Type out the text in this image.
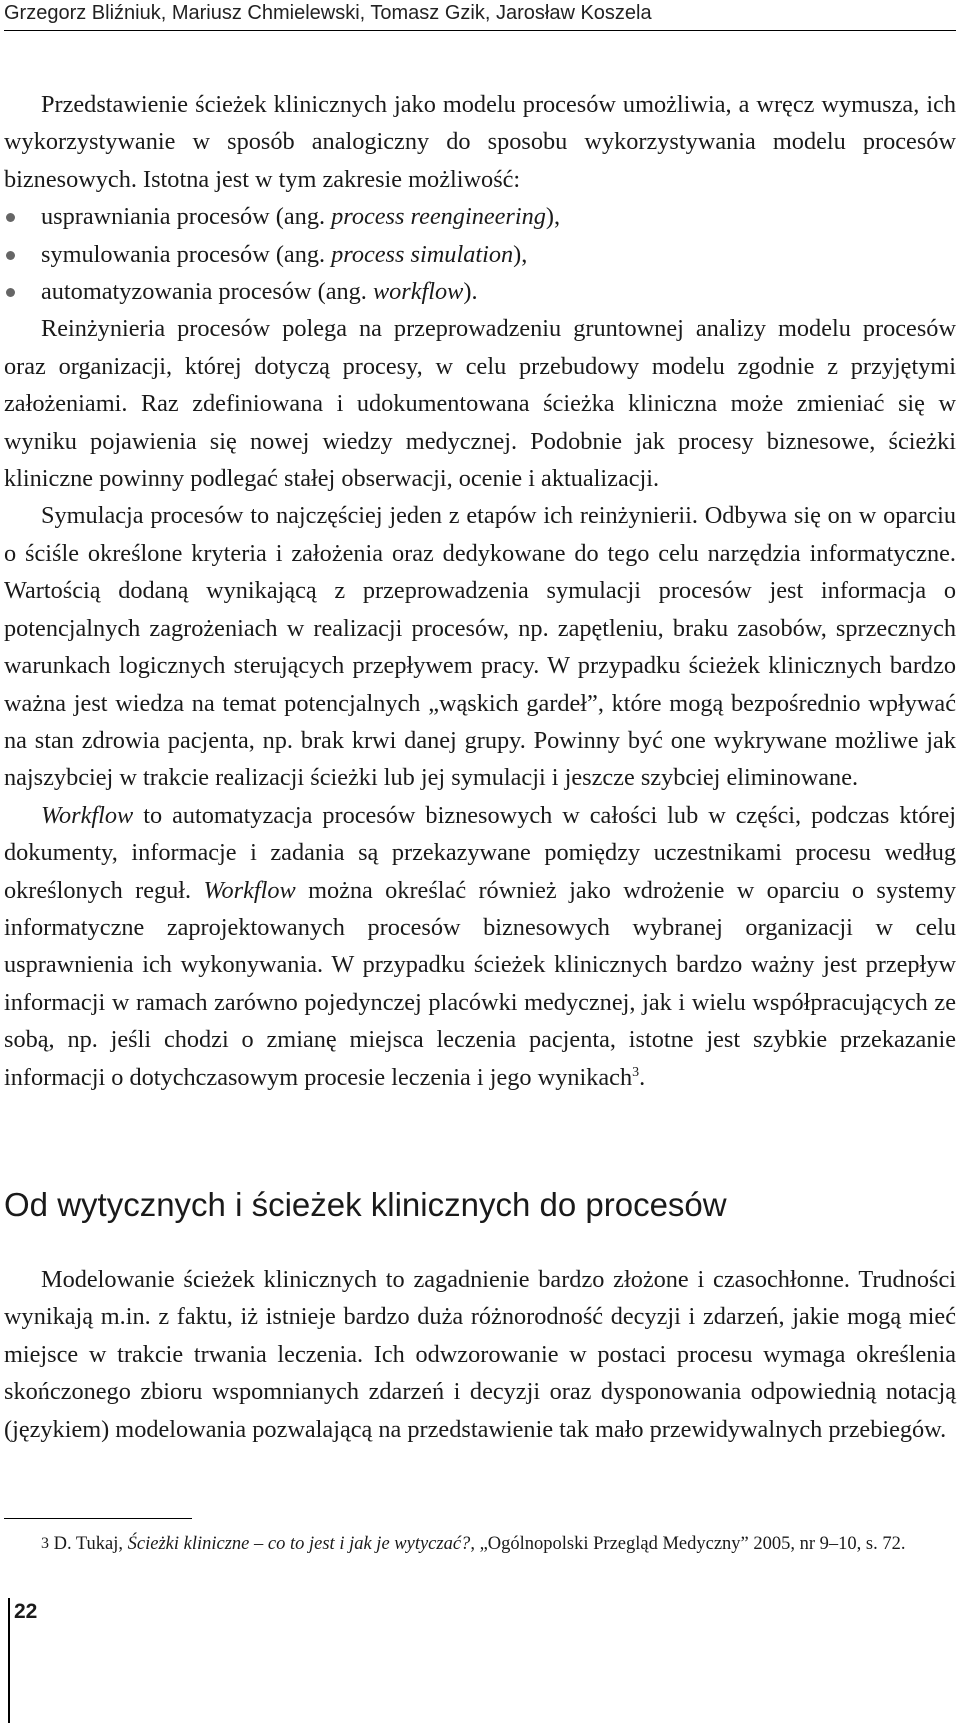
Grzegorz Bliźniuk, Mariusz Chmielewski, Tomasz Gzik, Jarosław Koszela

Przedstawienie ścieżek klinicznych jako modelu procesów umożliwia, a wręcz wymusza, ich wykorzystywanie w sposób analogiczny do sposobu wykorzystywania modelu procesów biznesowych. Istotna jest w tym zakresie możliwość:

usprawniania procesów (ang. process reengineering),
symulowania procesów (ang. process simulation),
automatyzowania procesów (ang. workflow).

Reinżynieria procesów polega na przeprowadzeniu gruntownej analizy modelu procesów oraz organizacji, której dotyczą procesy, w celu przebudowy modelu zgodnie z przyjętymi założeniami. Raz zdefiniowana i udokumentowana ścieżka kliniczna może zmieniać się w wyniku pojawienia się nowej wiedzy medycznej. Podobnie jak procesy biznesowe, ścieżki kliniczne powinny podlegać stałej obserwacji, ocenie i aktualizacji.

Symulacja procesów to najczęściej jeden z etapów ich reinżynierii. Odbywa się on w oparciu o ściśle określone kryteria i założenia oraz dedykowane do tego celu narzędzia informatyczne. Wartością dodaną wynikającą z przeprowadzenia symulacji procesów jest informacja o potencjalnych zagrożeniach w realizacji procesów, np. zapętleniu, braku zasobów, sprzecznych warunkach logicznych sterujących przepływem pracy. W przypadku ścieżek klinicznych bardzo ważna jest wiedza na temat potencjalnych „wąskich gardeł”, które mogą bezpośrednio wpływać na stan zdrowia pacjenta, np. brak krwi danej grupy. Powinny być one wykrywane możliwe jak najszybciej w trakcie realizacji ścieżki lub jej symulacji i jeszcze szybciej eliminowane.

Workflow to automatyzacja procesów biznesowych w całości lub w części, podczas której dokumenty, informacje i zadania są przekazywane pomiędzy uczestnikami procesu według określonych reguł. Workflow można określać również jako wdrożenie w oparciu o systemy informatyczne zaprojektowanych procesów biznesowych wybranej organizacji w celu usprawnienia ich wykonywania. W przypadku ścieżek klinicznych bardzo ważny jest przepływ informacji w ramach zarówno pojedynczej placówki medycznej, jak i wielu współpracujących ze sobą, np. jeśli chodzi o zmianę miejsca leczenia pacjenta, istotne jest szybkie przekazanie informacji o dotychczasowym procesie leczenia i jego wynikach$^3$.

Od wytycznych i ścieżek klinicznych do procesów

Modelowanie ścieżek klinicznych to zagadnienie bardzo złożone i czasochłonne. Trudności wynikają m.in. z faktu, iż istnieje bardzo duża różnorodność decyzji i zdarzeń, jakie mogą mieć miejsce w trakcie trwania leczenia. Ich odwzorowanie w postaci procesu wymaga określenia skończonego zbioru wspomnianych zdarzeń i decyzji oraz dysponowania odpowiednią notacją (językiem) modelowania pozwalającą na przedstawienie tak mało przewidywalnych przebiegów.

3 D. Tukaj, Ścieżki kliniczne – co to jest i jak je wytyczać?, „Ogólnopolski Przegląd Medyczny” 2005, nr 9–10, s. 72.
22
